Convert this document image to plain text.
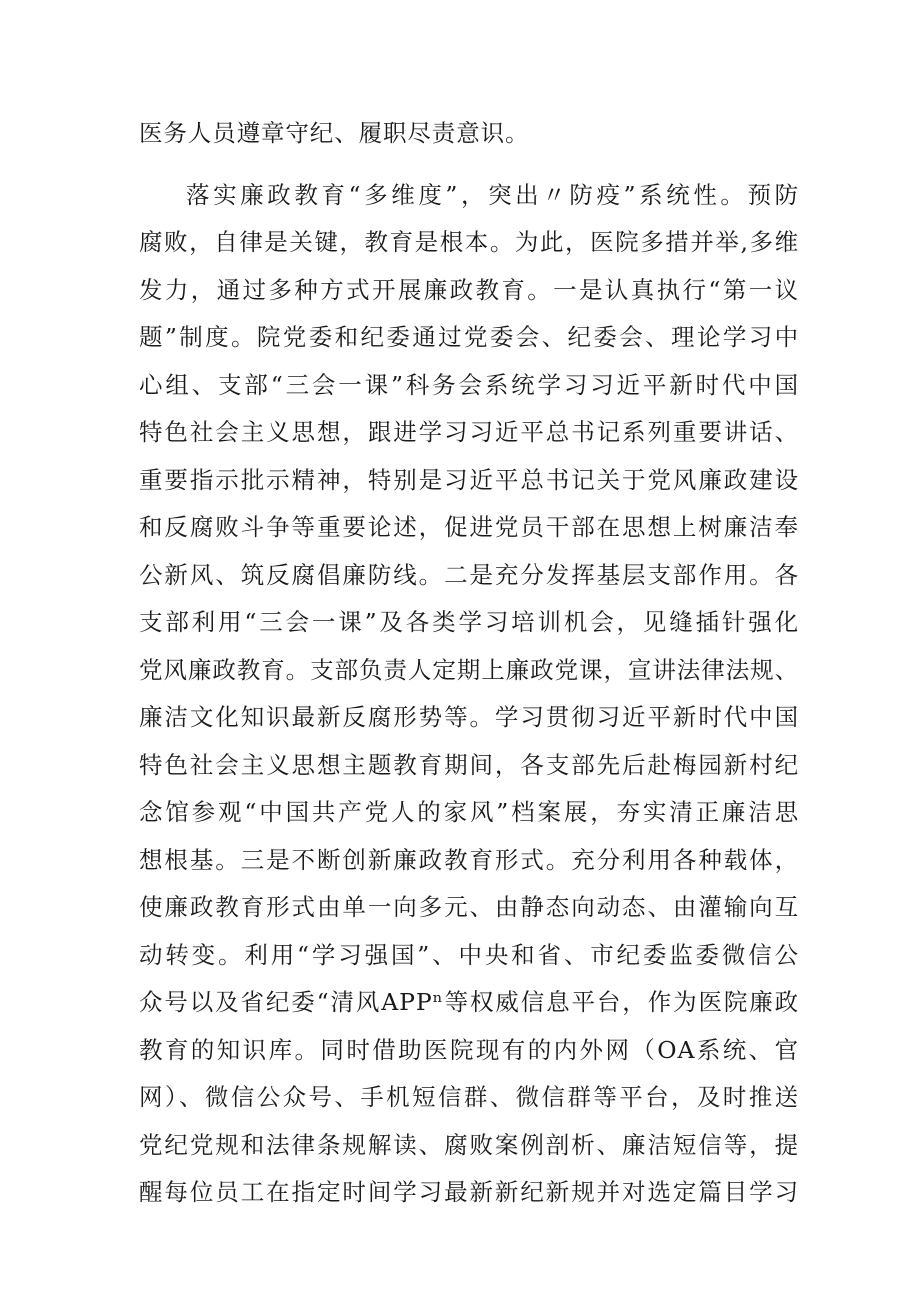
医务人员遵章守纪、履职尽责意识。
落实廉政教育“多维度”，突出〃防疫”系统性。预防
腐败，自律是关键，教育是根本。为此，医院多措并举,多维
发力，通过多种方式开展廉政教育。一是认真执行“第一议
题”制度。院党委和纪委通过党委会、纪委会、理论学习中
心组、支部“三会一课”科务会系统学习习近平新时代中国
特色社会主义思想，跟进学习习近平总书记系列重要讲话、
重要指示批示精神，特别是习近平总书记关于党风廉政建设
和反腐败斗争等重要论述，促进党员干部在思想上树廉洁奉
公新风、筑反腐倡廉防线。二是充分发挥基层支部作用。各
支部利用“三会一课”及各类学习培训机会，见缝插针强化
党风廉政教育。支部负责人定期上廉政党课，宣讲法律法规、
廉洁文化知识最新反腐形势等。学习贯彻习近平新时代中国
特色社会主义思想主题教育期间，各支部先后赴梅园新村纪
念馆参观“中国共产党人的家风”档案展，夯实清正廉洁思
想根基。三是不断创新廉政教育形式。充分利用各种载体，
使廉政教育形式由单一向多元、由静态向动态、由灌输向互
动转变。利用“学习强国”、中央和省、市纪委监委微信公
众号以及省纪委“清风APPⁿ等权威信息平台，作为医院廉政
教育的知识库。同时借助医院现有的内外网（OA系统、官
网）、微信公众号、手机短信群、微信群等平台，及时推送
党纪党规和法律条规解读、腐败案例剖析、廉洁短信等，提
醒每位员工在指定时间学习最新新纪新规并对选定篇目学习
